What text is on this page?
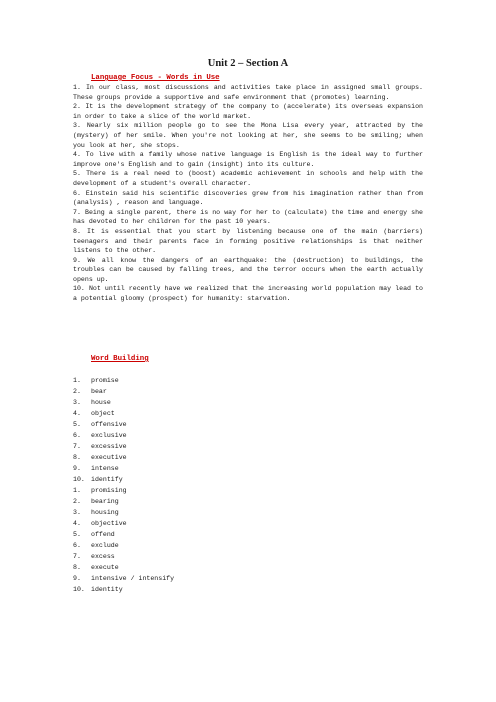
Unit 2 – Section A
Language Focus - Words in Use
1. In our class, most discussions and activities take place in assigned small groups. These groups provide a supportive and safe environment that (promotes) learning.
2. It is the development strategy of the company to (accelerate) its overseas expansion in order to take a slice of the world market.
3. Nearly six million people go to see the Mona Lisa every year, attracted by the (mystery) of her smile. When you're not looking at her, she seems to be smiling; when you look at her, she stops.
4. To live with a family whose native language is English is the ideal way to further improve one's English and to gain (insight) into its culture.
5. There is a real need to (boost) academic achievement in schools and help with the development of a student's overall character.
6. Einstein said his scientific discoveries grew from his imagination rather than from (analysis) , reason and language.
7. Being a single parent, there is no way for her to (calculate) the time and energy she has devoted to her children for the past 10 years.
8. It is essential that you start by listening because one of the main (barriers) teenagers and their parents face in forming positive relationships is that neither listens to the other.
9. We all know the dangers of an earthquake: the (destruction) to buildings, the troubles can be caused by falling trees, and the terror occurs when the earth actually opens up.
10. Not until recently have we realized that the increasing world population may lead to a potential gloomy (prospect) for humanity: starvation.
Word Building
1. promise
2. bear
3. house
4. object
5. offensive
6. exclusive
7. excessive
8. executive
9. intense
10. identify
1. promising
2. bearing
3. housing
4. objective
5. offend
6. exclude
7. excess
8. execute
9. intensive / intensify
10. identity
